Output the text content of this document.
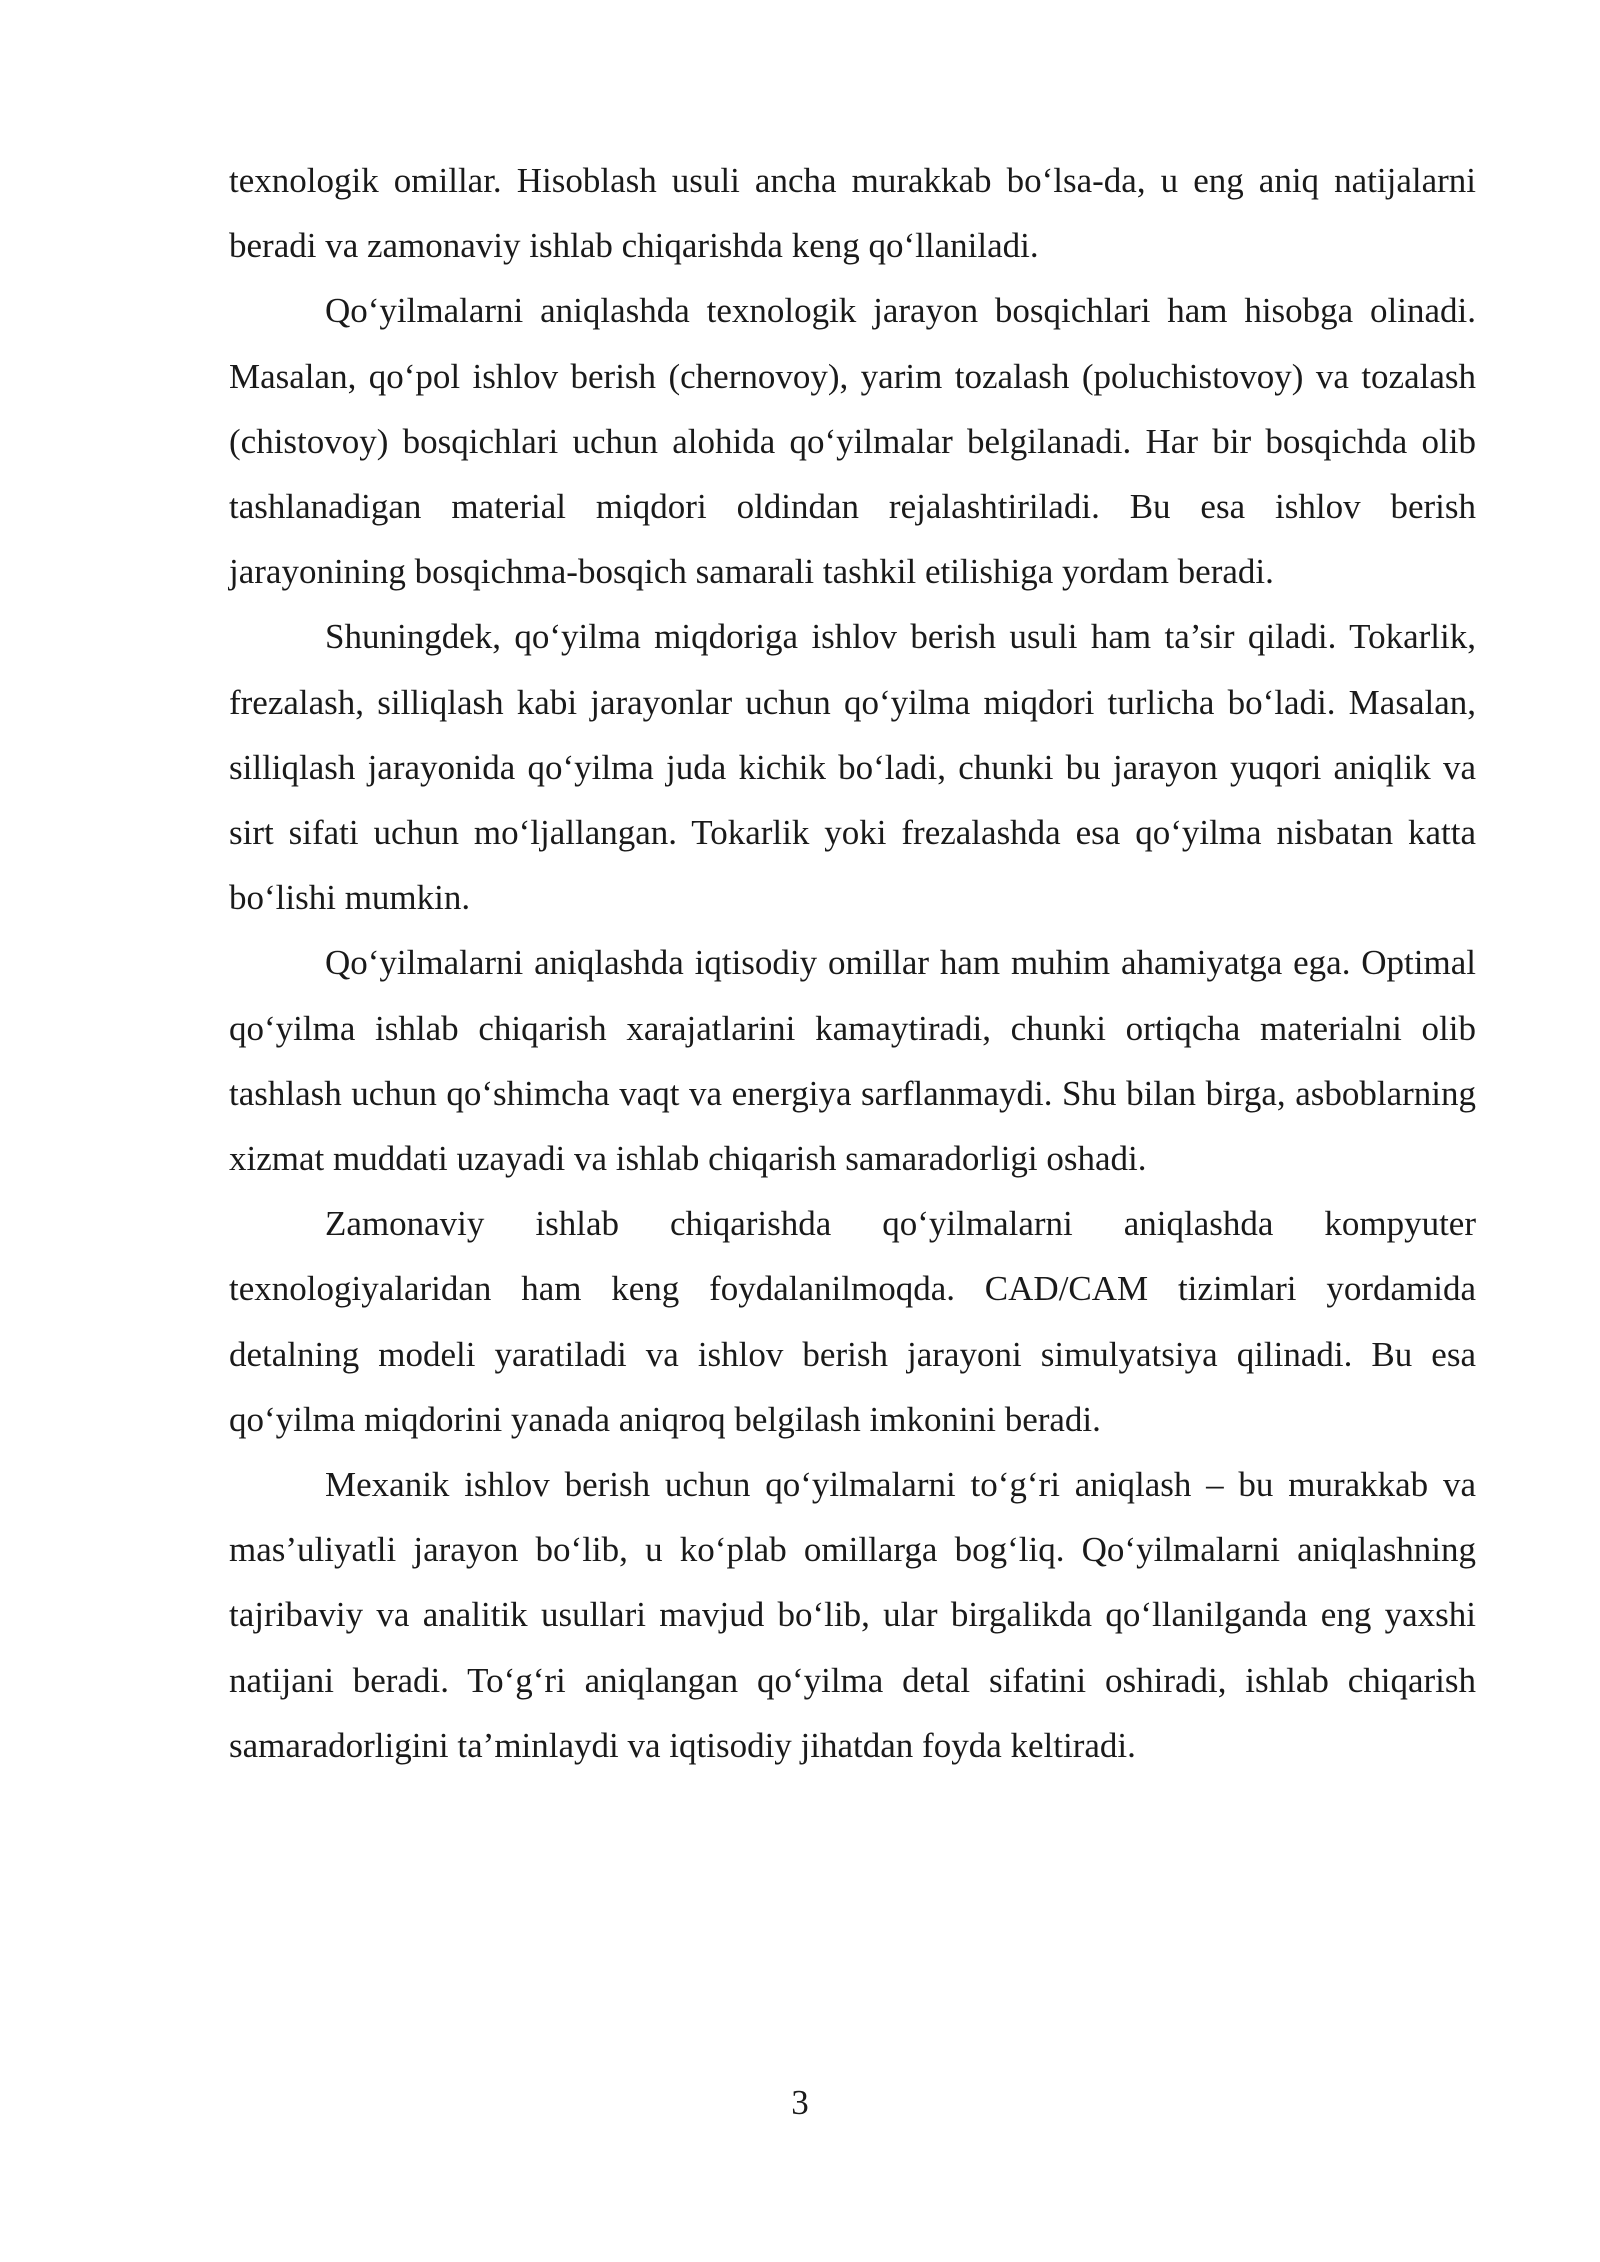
texnologik omillar. Hisoblash usuli ancha murakkab bo‘lsa-da, u eng aniq natijalarni beradi va zamonaviy ishlab chiqarishda keng qo‘llaniladi.

Qo‘yilmalarni aniqlashda texnologik jarayon bosqichlari ham hisobga olinadi. Masalan, qo‘pol ishlov berish (chernovoy), yarim tozalash (poluchistovoy) va tozalash (chistovoy) bosqichlari uchun alohida qo‘yilmalar belgilanadi. Har bir bosqichda olib tashlanadigan material miqdori oldindan rejalashtiriladi. Bu esa ishlov berish jarayonining bosqichma-bosqich samarali tashkil etilishiga yordam beradi.

Shuningdek, qo‘yilma miqdoriga ishlov berish usuli ham ta’sir qiladi. Tokarlik, frezalash, silliqlash kabi jarayonlar uchun qo‘yilma miqdori turlicha bo‘ladi. Masalan, silliqlash jarayonida qo‘yilma juda kichik bo‘ladi, chunki bu jarayon yuqori aniqlik va sirt sifati uchun mo‘ljallangan. Tokarlik yoki frezalashda esa qo‘yilma nisbatan katta bo‘lishi mumkin.

Qo‘yilmalarni aniqlashda iqtisodiy omillar ham muhim ahamiyatga ega. Optimal qo‘yilma ishlab chiqarish xarajatlarini kamaytiradi, chunki ortiqcha materialni olib tashlash uchun qo‘shimcha vaqt va energiya sarflanmaydi. Shu bilan birga, asboblarning xizmat muddati uzayadi va ishlab chiqarish samaradorligi oshadi.

Zamonaviy ishlab chiqarishda qo‘yilmalarni aniqlashda kompyuter texnologiyalaridan ham keng foydalanilmoqda. CAD/CAM tizimlari yordamida detalning modeli yaratiladi va ishlov berish jarayoni simulyatsiya qilinadi. Bu esa qo‘yilma miqdorini yanada aniqroq belgilash imkonini beradi.

Mexanik ishlov berish uchun qo‘yilmalarni to‘g‘ri aniqlash – bu murakkab va mas’uliyatli jarayon bo‘lib, u ko‘plab omillarga bog‘liq. Qo‘yilmalarni aniqlashning tajribaviy va analitik usullari mavjud bo‘lib, ular birgalikda qo‘llanilganda eng yaxshi natijani beradi. To‘g‘ri aniqlangan qo‘yilma detal sifatini oshiradi, ishlab chiqarish samaradorligini ta’minlaydi va iqtisodiy jihatdan foyda keltiradi.

3
